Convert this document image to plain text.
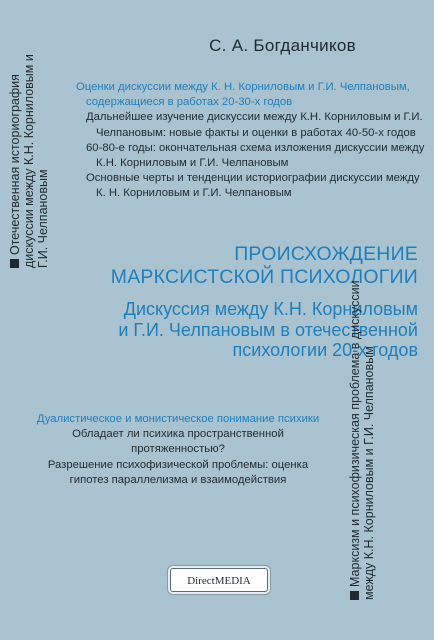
С. А. Богданчиков
Отечественная историография дискуссии между К.Н. Корниловым и Г.И. Челпановым
Оценки дискуссии между К. Н. Корниловым и Г.И. Челпановым, содержащиеся в работах 20-30-х годов
Дальнейшее изучение дискуссии между К.Н. Корниловым и Г.И. Челпановым: новые факты и оценки в работах 40-50-х годов
60-80-е годы: окончательная схема изложения дискуссии между К.Н. Корниловым и Г.И. Челпановым
Основные черты и тенденции историографии дискуссии между К. Н. Корниловым и Г.И. Челпановым
ПРОИСХОЖДЕНИЕ
МАРКСИСТСКОЙ ПСИХОЛОГИИ
Дискуссия между К.Н. Корниловым
и Г.И. Челпановым в отечественной
психологии 20-х годов
Дуалистическое и монистическое понимание психики
Обладает ли психика пространственной протяженностью?
Разрешение психофизической проблемы: оценка гипотез параллелизма и взаимодействия	Марксизм и психофизическая проблема в дискуссии между К.Н. Корниловым и Г.И. Челпановым
DirectMEDIA
